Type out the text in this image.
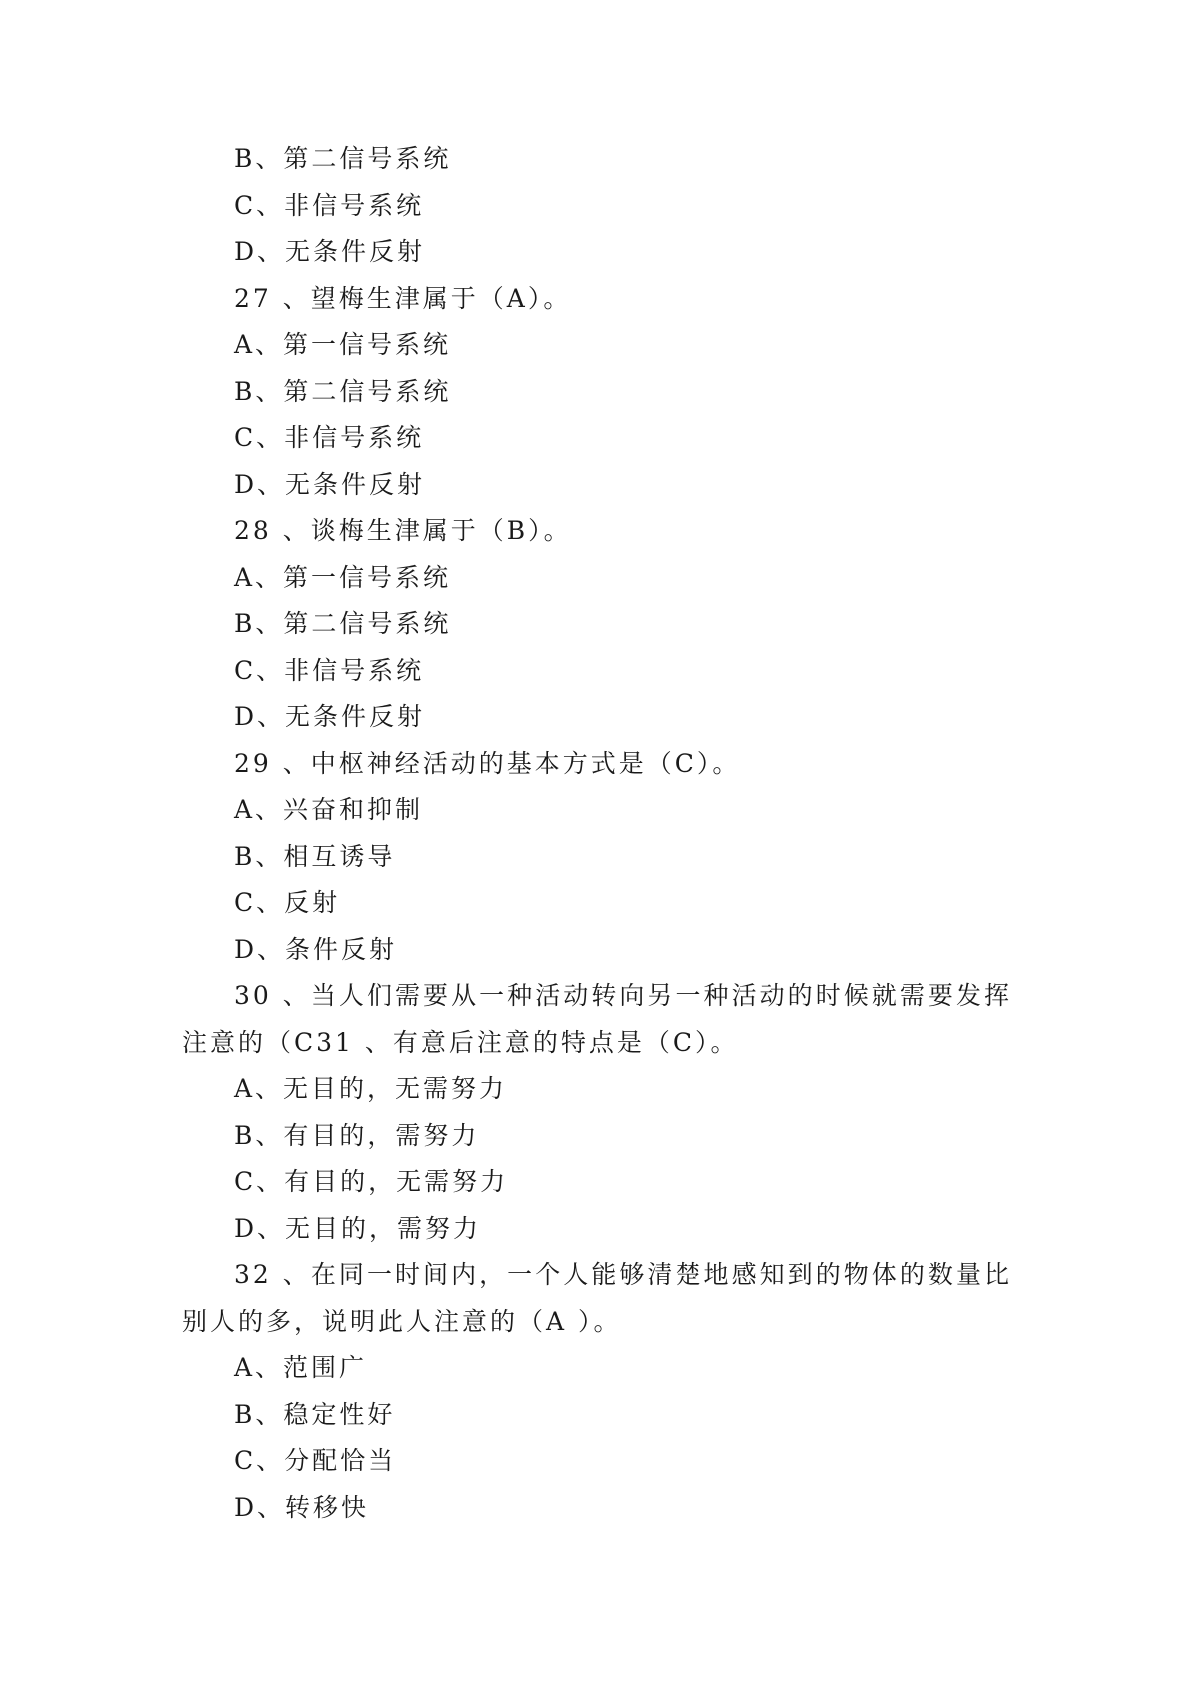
B、第二信号系统
C、非信号系统
D、无条件反射
27 、望梅生津属于（A）。
A、第一信号系统
B、第二信号系统
C、非信号系统
D、无条件反射
28 、谈梅生津属于（B）。
A、第一信号系统
B、第二信号系统
C、非信号系统
D、无条件反射
29 、中枢神经活动的基本方式是（C）。
A、兴奋和抑制
B、相互诱导
C、反射
D、条件反射
30 、当人们需要从一种活动转向另一种活动的时候就需要发挥注意的（C31 、有意后注意的特点是（C）。
A、无目的，无需努力
B、有目的，需努力
C、有目的，无需努力
D、无目的，需努力
32 、在同一时间内，一个人能够清楚地感知到的物体的数量比别人的多，说明此人注意的（A ）。
A、范围广
B、稳定性好
C、分配恰当
D、转移快
